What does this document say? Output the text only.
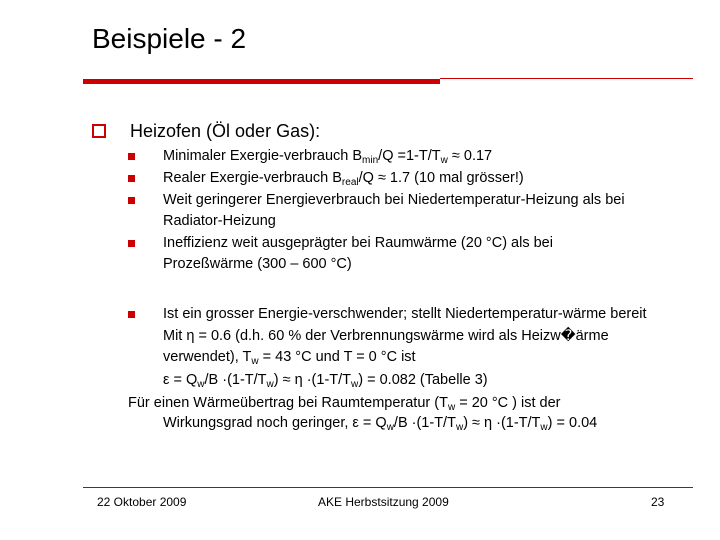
Beispiele - 2
Heizofen (Öl oder Gas):
Minimaler Exergie-verbrauch $B_{min}/Q =1-T/T_w \approx 0.17$
Realer Exergie-verbrauch $B_{real}/Q \approx 1.7$ (10 mal grösser!)
Weit geringerer Energieverbrauch bei Niedertemperatur-Heizung als bei
Radiator-Heizung
Ineffizienz weit ausgeprägter bei Raumwärme (20 °C) als bei
Prozeßwärme (300 – 600 °C)
Ist ein grosser Energie-verschwender; stellt Niedertemperatur-wärme bereit
Mit η = 0.6 (d.h. 60 % der Verbrennungswärme wird als Heizw�ärme
verwendet), $T_w = 43$ °C und T = 0 °C ist
$\varepsilon = Q_w/B \cdot(1-T/T_w) \approx \eta \cdot(1-T/T_w) = 0.082$ (Tabelle 3)
Für einen Wärmeübertrag bei Raumtemperatur ($T_w = 20$ °C ) ist der
Wirkungsgrad noch geringer, $\varepsilon = Q_w/B \cdot(1-T/T_w) \approx \eta \cdot(1-T/T_w) = 0.04$
22 Oktober 2009	AKE Herbstsitzung 2009	23
